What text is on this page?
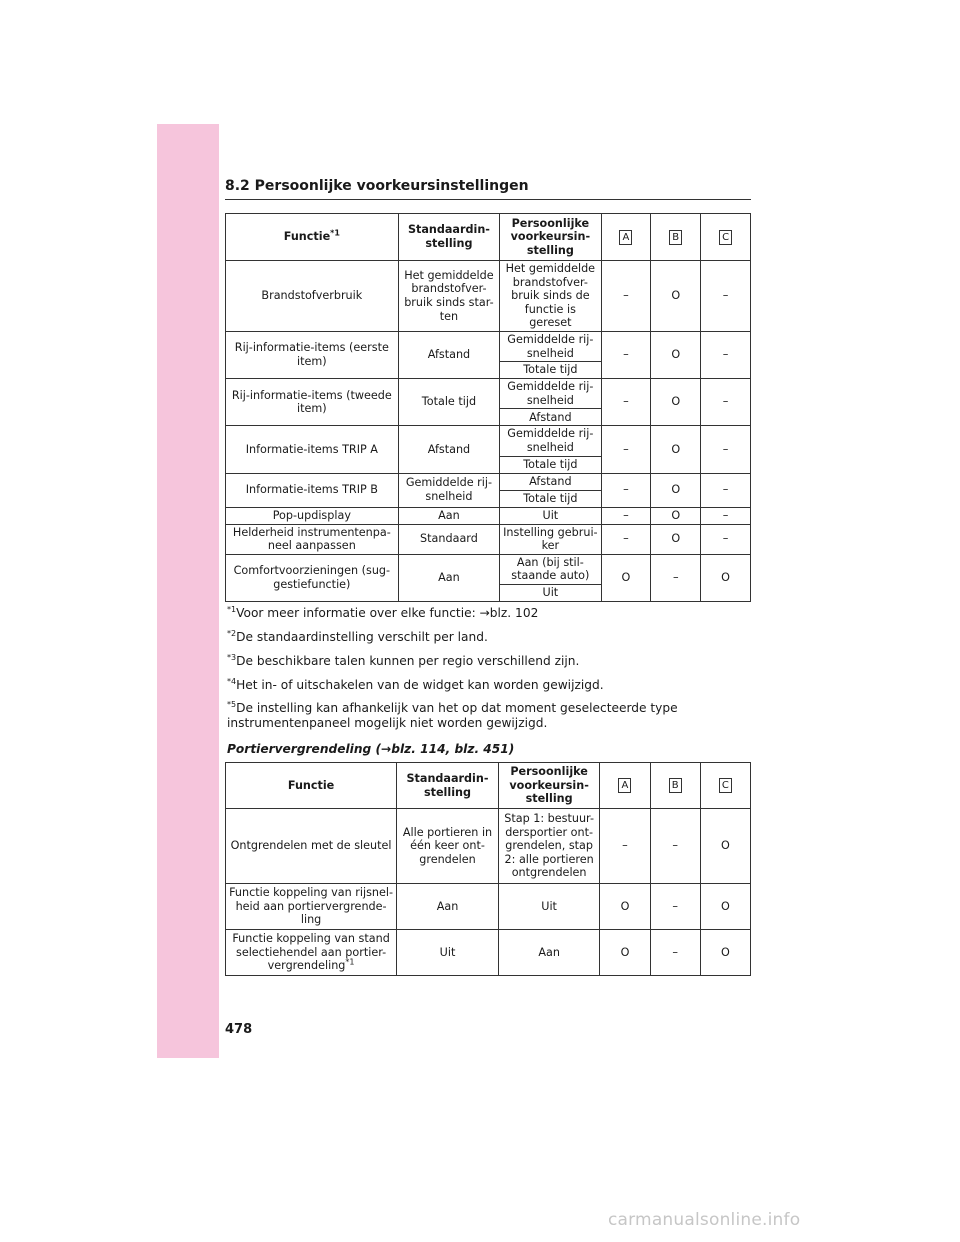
8.2 Persoonlijke voorkeursinstellingen
Functie$^{*1}$	Standaardin-stelling	Persoonlijke voorkeursin-stelling	A	B	C
Brandstofverbruik	Het gemiddelde brandstofver-bruik sinds star-ten	Het gemiddelde brandstofver-bruik sinds de functie is gereset	–	O	–
Rij-informatie-items (eerste item)	Afstand	Gemiddelde rij-snelheid	–	O	–
		Totale tijd			
Rij-informatie-items (tweede item)	Totale tijd	Gemiddelde rij-snelheid	–	O	–
		Afstand			
Informatie-items TRIP A	Afstand	Gemiddelde rij-snelheid	–	O	–
		Totale tijd			
Informatie-items TRIP B	Gemiddelde rij-snelheid	Afstand	–	O	–
		Totale tijd			
Pop-updisplay	Aan	Uit	–	O	–
Helderheid instrumentenpa-neel aanpassen	Standaard	Instelling gebrui-ker	–	O	–
Comfortvoorzieningen (sug-gestiefunctie)	Aan	Aan (bij stil-staande auto)	O	–	O
		Uit			
$^{*1}$Voor meer informatie over elke functie: →blz. 102
$^{*2}$De standaardinstelling verschilt per land.
$^{*3}$De beschikbare talen kunnen per regio verschillend zijn.
$^{*4}$Het in- of uitschakelen van de widget kan worden gewijzigd.
$^{*5}$De instelling kan afhankelijk van het op dat moment geselecteerde type instrumentenpaneel mogelijk niet worden gewijzigd.
Portiervergrendeling (→blz. 114, blz. 451)
Functie	Standaardin-stelling	Persoonlijke voorkeursin-stelling	A	B	C
Ontgrendelen met de sleutel	Alle portieren in één keer ont-grendelen	Stap 1: bestuur-dersportier ont-grendelen, stap 2: alle portieren ontgrendelen	–	–	O
Functie koppeling van rijsnel-heid aan portiervergrende-ling	Aan	Uit	O	–	O
Functie koppeling van stand selectiehendel aan portier-vergrendeling$^{*1}$	Uit	Aan	O	–	O
478
carmanualsonline.info
